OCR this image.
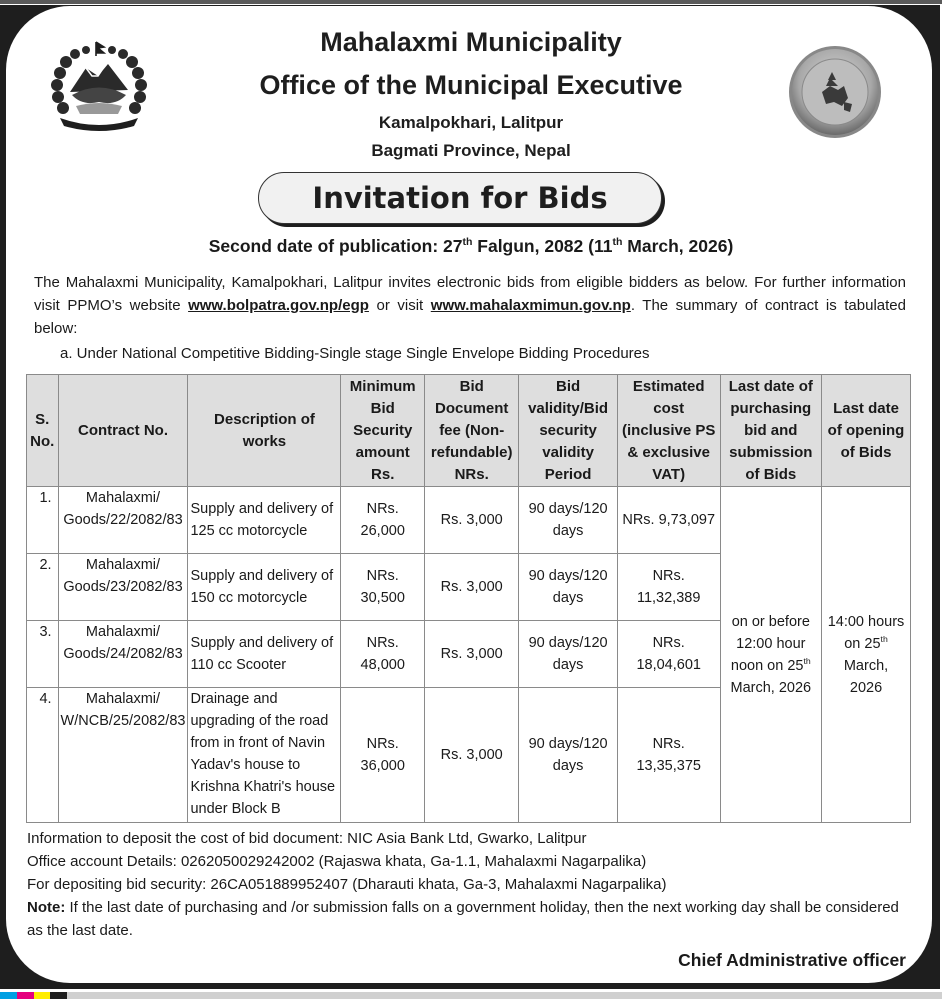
Mahalaxmi Municipality
Office of the Municipal Executive
Kamalpokhari, Lalitpur
Bagmati Province, Nepal
Invitation for Bids
Second date of publication: 27th Falgun, 2082 (11th March, 2026)
The Mahalaxmi Municipality, Kamalpokhari, Lalitpur invites electronic bids from eligible bidders as below. For further information visit PPMO’s website www.bolpatra.gov.np/egp or visit www.mahalaxmimun.gov.np. The summary of contract is tabulated below:
a. Under National Competitive Bidding-Single stage Single Envelope Bidding Procedures
S. No.	Contract No.	Description of works	Minimum Bid Security amount Rs.	Bid Document fee (Non-refundable) NRs.	Bid validity/Bid security validity Period	Estimated cost (inclusive PS & exclusive VAT)	Last date of purchasing bid and submission of Bids	Last date of opening of Bids
1.	Mahalaxmi/ Goods/22/2082/83	Supply and delivery of 125 cc motorcycle	NRs. 26,000	Rs. 3,000	90 days/120 days	NRs. 9,73,097	on or before
12:00 hour
noon on 25th
March, 2026	14:00 hours
on 25th
March,
2026
2.	Mahalaxmi/ Goods/23/2082/83	Supply and delivery of 150 cc motorcycle	NRs. 30,500	Rs. 3,000	90 days/120 days	NRs. 11,32,389		
3.	Mahalaxmi/ Goods/24/2082/83	Supply and delivery of 110 cc Scooter	NRs. 48,000	Rs. 3,000	90 days/120 days	NRs. 18,04,601		
4.	Mahalaxmi/ W/NCB/25/2082/83	Drainage and upgrading of the road from in front of Navin Yadav's house to Krishna Khatri's house under Block B	NRs. 36,000	Rs. 3,000	90 days/120 days	NRs. 13,35,375		
Information to deposit the cost of bid document: NIC Asia Bank Ltd, Gwarko, Lalitpur
Office account Details: 0262050029242002 (Rajaswa khata, Ga-1.1, Mahalaxmi Nagarpalika)
For depositing bid security: 26CA051889952407 (Dharauti khata, Ga-3, Mahalaxmi Nagarpalika)
Note: If the last date of purchasing and /or submission falls on a government holiday, then the next working day shall be considered as the last date.
Chief Administrative officer
